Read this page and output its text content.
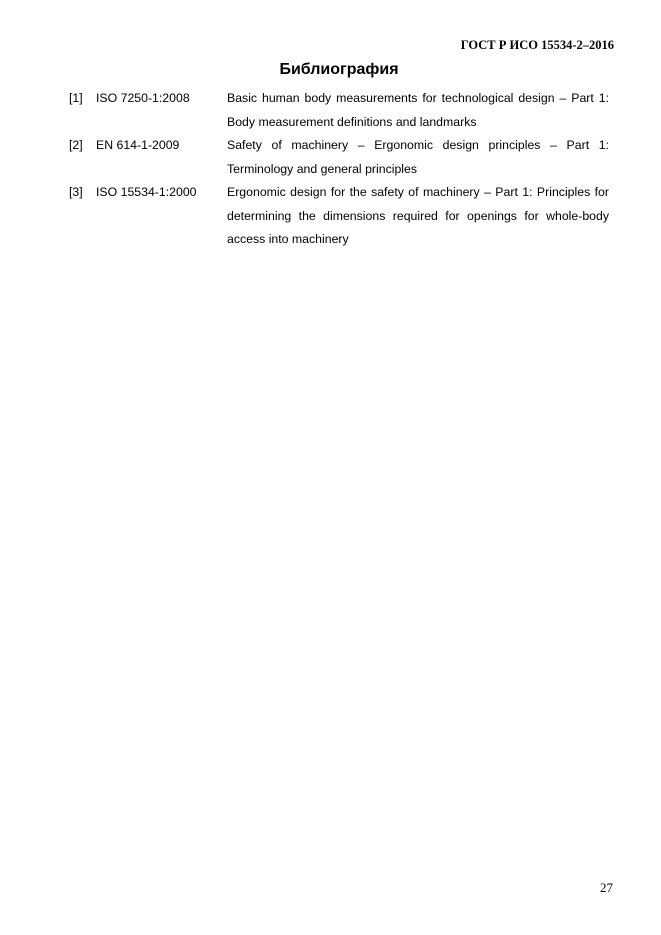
ГОСТ Р ИСО 15534-2–2016
Библиография
[1] ISO 7250-1:2008	Basic human body measurements for technological design – Part 1: Body measurement definitions and landmarks
[2] EN 614-1-2009	Safety of machinery – Ergonomic design principles – Part 1: Terminology and general principles
[3] ISO 15534-1:2000 Ergonomic design for the safety of machinery – Part 1: Principles for determining the dimensions required for openings for whole-body access into machinery
27
